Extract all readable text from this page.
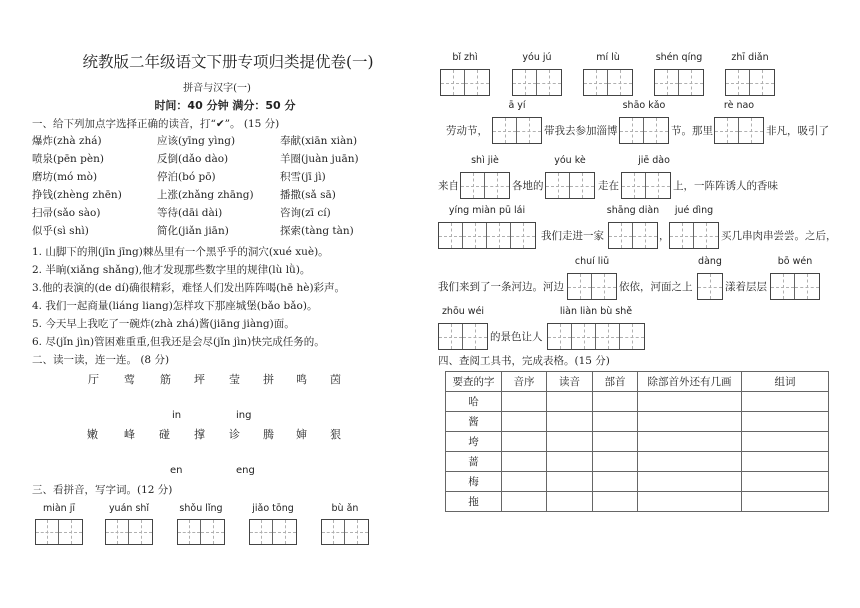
统教版二年级语文下册专项归类提优卷(一)
拼音与汉字(一)
时间：40 分钟 满分：50 分
一、给下列加点字选择正确的读音，打“✔”。 (15 分)
爆炸(zhà zhá)	应该(yīng yìng)	奉献(xiān xiàn)
喷泉(pēn pèn)	反倒(dǎo dào)	羊圈(juàn juān)
磨坊(mó mò)	停泊(bó pō)	积雪(jī jì)
挣钱(zhèng zhēn)	上涨(zhǎng zhāng)	播撒(sǎ sā)
扫帚(sǎo sào)	等待(dāi dài)	咨询(zī cí)
似乎(sì shì)	简化(jiǎn jiān)	探索(tàng tàn)
1. 山脚下的荆(jīn jīng)棘丛里有一个黑乎乎的洞穴(xué xuè)。
2. 半晌(xiǎng shǎng),他才发现那些数字里的规律(lù lǜ)。
3.他的表演的(de dí)确很精彩，难怪人们发出阵阵喝(hē hè)彩声。
4. 我们一起商量(liáng liang)怎样攻下那座城堡(bǎo bǎo)。
5. 今天早上我吃了一碗炸(zhà zhá)酱(jiāng jiàng)面。
6. 尽(jǐn jìn)管困难重重,但我还是会尽(jǐn jìn)快完成任务的。
二、读一读，连一连。 (8 分)
厅 莺 筋 坪 莹 拼 鸣 茵
in	ing
嫩 峰 碰 撑 诊 腾 婶 狠
en	eng
三、看拼音，写字词。(12 分)
miàn jī	yuán shǐ	shǒu lǐng	jiǎo tōng	bù ǎn
bǐ zhì	yóu jú	mí lù	shén qíng	zhī diǎn
ā yí	shāo kǎo	rè nao
劳动节，	带我去参加淄博	节。那里	非凡，吸引了
shì jiè	yóu kè	jiē dào
来自	各地的	走在	上，一阵阵诱人的香味
yíng miàn pū lái	shāng diàn	jué dìng
我们走进一家	，	买几串肉串尝尝。之后，
chuí liǔ	dàng	bō wén
我们来到了一条河边。河边	依依，河面之上	漾着层层
zhōu wéi	liàn liàn bù shě
的景色让人
四、查阅工具书，完成表格。(15 分)
要查的字	音序	读音	部首	除部首外还有几画	组词
哈					
酱					
垮					
蔷					
梅					
拖					
